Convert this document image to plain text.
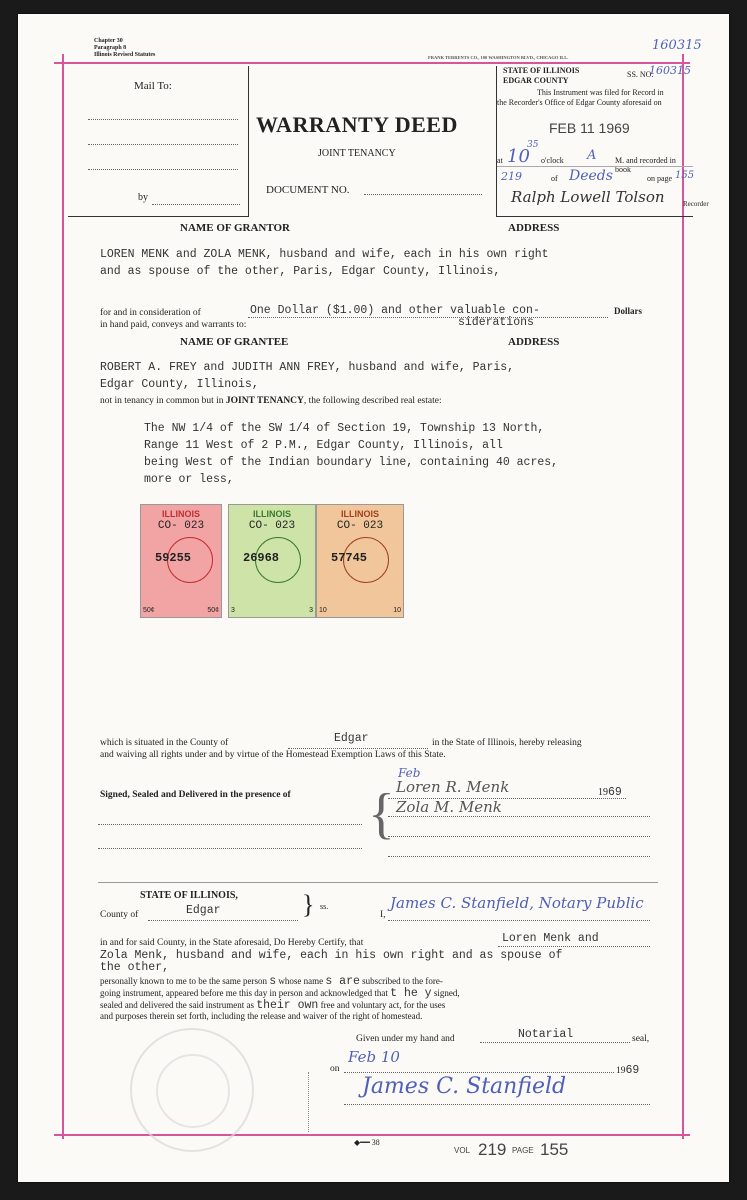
Chapter 30
Paragraph 8
Illinois Revised Statutes	FRANK TERRENTS CO., 100 WASHINGTON BLVD., CHICAGO ILL.
160315
Mail To:
by
WARRANTY DEED
JOINT TENANCY
DOCUMENT NO.
STATE OF ILLINOIS
EDGAR COUNTY
SS. NO.
160315
This Instrument was filed for Record in
the Recorder's Office of Edgar County aforesaid on
FEB 11 1969
at 10
35
o'clock A M. and recorded in book
219	of Deeds	on page 155
Ralph Lowell Tolson	Recorder
NAME OF GRANTOR	ADDRESS
LOREN MENK and ZOLA MENK, husband and wife, each in his own right
and as spouse of the other, Paris, Edgar County, Illinois,
for and in consideration of	One Dollar ($1.00) and other valuable con-	Dollars
in hand paid, conveys and warrants to:	siderations
NAME OF GRANTEE	ADDRESS
ROBERT A. FREY and JUDITH ANN FREY, husband and wife, Paris,
Edgar County, Illinois,
not in tenancy in common but in JOINT TENANCY, the following described real estate:
The NW 1/4 of the SW 1/4 of Section 19, Township 13 North,
Range 11 West of 2 P.M., Edgar County, Illinois, all
being West of the Indian boundary line, containing 40 acres,
more or less,
ILLINOIS
CO- 023
59255
50¢	50¢
ILLINOIS
CO- 023
26968
3	3
ILLINOIS
CO- 023
57745
10	10
which is situated in the County of	Edgar	in the State of Illinois, hereby releasing
and waiving all rights under and by virtue of the Homestead Exemption Laws of this State.
Signed, Sealed and Delivered in the presence of
Feb
Loren R. Menk	1969
Zola M. Menk
{
STATE OF ILLINOIS,
County of	Edgar	} ss.
I,
James C. Stanfield, Notary Public
in and for said County, in the State aforesaid, Do Hereby Certify, that	Loren Menk and
Zola Menk, husband and wife, each in his own right and as spouse of
the other,
personally known to me to be the same person s whose name s are subscribed to the fore-
going instrument, appeared before me this day in person and acknowledged that t he y signed,
sealed and delivered the said instrument as their own free and voluntary act, for the uses
and purposes therein set forth, including the release and waiver of the right of homestead.
Given under my hand and	Notarial	seal,
on
Feb 10
1969
James C. Stanfield
◆━━ 38
VOL 219 PAGE 155
